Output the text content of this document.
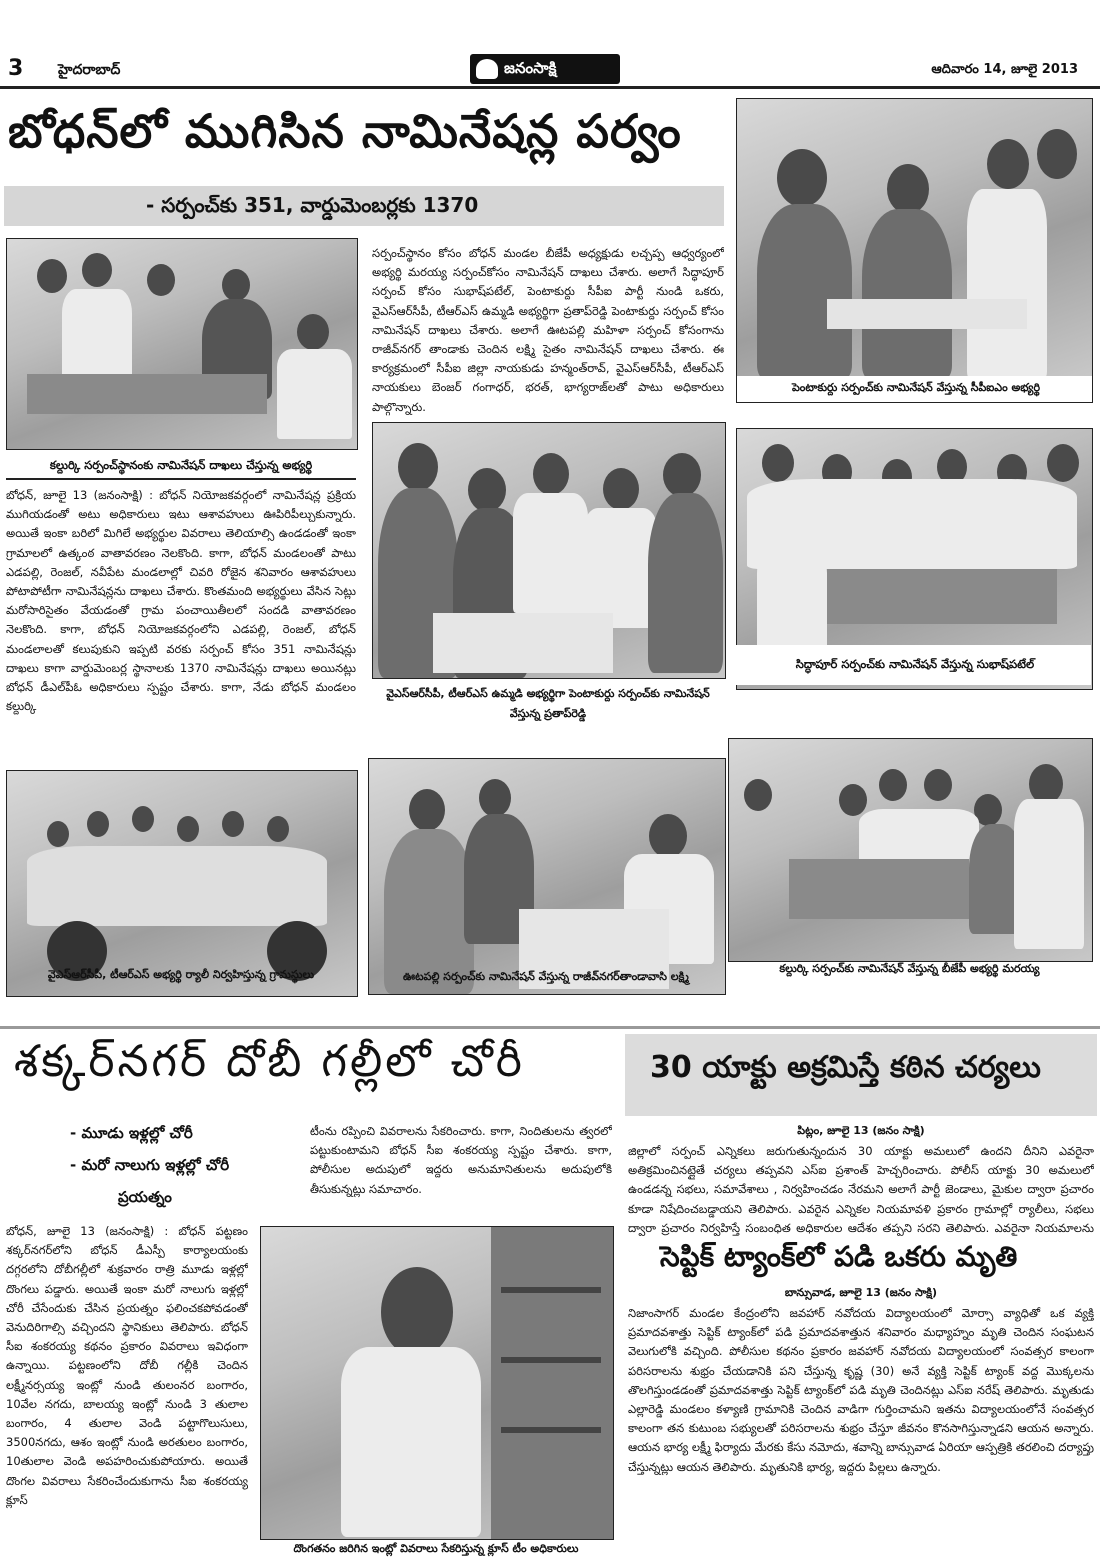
3 హైదరాబాద్	జనంసాక్షి	ఆదివారం 14, జూలై 2013
బోధన్‌లో ముగిసిన నామినేషన్ల పర్వం
- సర్పంచ్‌కు 351, వార్డుమెంబర్లకు 1370
పెంటాకుర్దు సర్పంచ్‌కు నామినేషన్ వేస్తున్న సీపీఐఎం అభ్యర్థి
కల్దుర్కి సర్పంచ్‌స్థానంకు నామినేషన్ దాఖలు చేస్తున్న అభ్యర్థి
సర్పంచ్‌స్థానం కోసం బోధన్ మండల బీజేపీ అధ్యక్షుడు లచ్చప్ప ఆధ్వర్యంలో అభ్యర్థి మరయ్య సర్పంచ్‌కోసం నామినేషన్ దాఖలు చేశారు. అలాగే సిద్ధాపూర్ సర్పంచ్ కోసం సుభాష్‌పటేల్, పెంటాకుర్దు సీపీఐ పార్టీ నుండి ఒకరు, వైఎస్‌ఆర్‌సీపీ, టీఆర్‌ఎస్ ఉమ్మడి అభ్యర్థిగా ప్రతాప్‌రెడ్డి పెంటాకుర్దు సర్పంచ్ కోసం నామినేషన్ దాఖలు చేశారు. అలాగే ఊటపల్లి మహిళా సర్పంచ్ కోసంగాను రాజీవ్‌నగర్ తాండాకు చెందిన లక్ష్మి సైతం నామినేషన్ దాఖలు చేశారు. ఈ కార్యక్రమంలో సీపీఐ జిల్లా నాయకుడు హన్మంత్‌రావ్, వైఎస్‌ఆర్‌సీపీ, టీఆర్‌ఎస్ నాయకులు బెంజర్ గంగాధర్, భరత్, భాగ్యరాజ్‌లతో పాటు అధికారులు పాల్గొన్నారు.
బోధన్, జూలై 13 (జనంసాక్షి) : బోధన్ నియోజకవర్గంలో నామినేషన్ల ప్రక్రియ ముగియడంతో అటు అధికారులు ఇటు ఆశావహులు ఊపిరిపీల్చుకున్నారు. అయితే ఇంకా బరిలో మిగిలే అభ్యర్థుల వివరాలు తెలియాల్సి ఉండడంతో ఇంకా గ్రామాలలో ఉత్కంఠ వాతావరణం నెలకొంది. కాగా, బోధన్ మండలంతో పాటు ఎడపల్లి, రెంజల్, నవీపేట మండలాల్లో చివరి రోజైన శనివారం ఆశావహులు పోటాపోటీగా నామినేషన్లను దాఖలు చేశారు. కొంతమంది అభ్యర్థులు వేసిన సెట్లు మరోసారిసైతం వేయడంతో గ్రామ పంచాయితీలలో సందడి వాతావరణం నెలకొంది. కాగా, బోధన్ నియోజకవర్గంలోని ఎడపల్లి, రెంజల్, బోధన్ మండలాలతో కలుపుకుని ఇప్పటి వరకు సర్పంచ్ కోసం 351 నామినేషన్లు దాఖలు కాగా వార్డుమెంబర్ల స్థానాలకు 1370 నామినేషన్లు దాఖలు అయినట్లు బోధన్ డీఎల్‌పీఓ అధికారులు స్పష్టం చేశారు. కాగా, నేడు బోధన్ మండలం కల్దుర్కి
వైఎస్‌ఆర్‌సీపీ, టీఆర్‌ఎస్ ఉమ్మడి అభ్యర్థిగా పెంటాకుర్దు సర్పంచ్‌కు నామినేషన్
వేస్తున్న ప్రతాప్‌రెడ్డి
సిద్ధాపూర్ సర్పంచ్‌కు నామినేషన్ వేస్తున్న సుభాష్‌పటేల్
వైఎస్‌ఆర్‌సీపీ, టీఆర్‌ఎస్ అభ్యర్థి ర్యాలీ నిర్వహిస్తున్న గ్రామస్థులు	ఊటపల్లి సర్పంచ్‌కు నామినేషన్ వేస్తున్న రాజీవ్‌నగర్‌తాండావాసి లక్ష్మి
కల్దుర్కి సర్పంచ్‌కు నామినేషన్ వేస్తున్న బీజేపీ అభ్యర్థి మరయ్య
శక్కర్‌నగర్ దోబీ గల్లీలో చోరీ
- మూడు ఇళ్లల్లో చోరీ
- మరో నాలుగు ఇళ్లల్లో చోరీ
ప్రయత్నం
టీంను రప్పించి వివరాలను సేకరించారు. కాగా, నిందితులను త్వరలో పట్టుకుంటామని బోధన్ సీఐ శంకరయ్య స్పష్టం చేశారు. కాగా, పోలీసుల అదుపులో ఇద్దరు అనుమానితులను అదుపులోకి తీసుకున్నట్లు సమాచారం.
బోధన్, జూలై 13 (జనంసాక్షి) : బోధన్ పట్టణం శక్కర్‌నగర్‌లోని బోధన్ డీఎస్పీ కార్యాలయంకు దగ్గరలోని దోబీగల్లీలో శుక్రవారం రాత్రి మూడు ఇళ్లల్లో దొంగలు పడ్డారు. అయితే ఇంకా మరో నాలుగు ఇళ్లల్లో చోరీ చేసేందుకు చేసిన ప్రయత్నం ఫలించకపోవడంతో వెనుదిరిగాల్సి వచ్చిందని స్థానికులు తెలిపారు. బోధన్ సీఐ శంకరయ్య కథనం ప్రకారం వివరాలు ఇవిధంగా ఉన్నాయి. పట్టణంలోని దోబీ గల్లీకి చెందిన లక్ష్మీనర్సయ్య ఇంట్లో నుండి తులంనర బంగారం, 10వేల నగదు, బాలయ్య ఇంట్లో నుండి 3 తులాల బంగారం, 4 తులాల వెండి పట్టాగొలుసులు, 3500నగదు, ఆశం ఇంట్లో నుండి అరతులం బంగారం, 10తులాల వెండి అపహరించుకుపోయారు. అయితే దొంగల వివరాలు సేకరించేందుకుగాను సీఐ శంకరయ్య క్లూస్
దొంగతనం జరిగిన ఇంట్లో వివరాలు సేకరిస్తున్న క్లూస్ టీం అధికారులు
30 యాక్టు అక్రమిస్తే కఠిన చర్యలు
పిట్లం, జూలై 13 (జనం సాక్షి)
జిల్లాలో సర్పంచ్ ఎన్నికలు జరుగుతున్నందున 30 యాక్టు అమలులో ఉందని దీనిని ఎవరైనా అతిక్రమించినట్లైతే చర్యలు తప్పవని ఎస్‌ఐ ప్రశాంత్ హెచ్చరించారు. పోలీస్ యాక్టు 30 అమలులో ఉండడన్న సభలు, సమావేశాలు , నిర్వహించడం నేరమని అలాగే పార్టీ జెండాలు, మైకుల ద్వారా ప్రచారం కూడా నిషేదించబడ్డాయని తెలిపారు. ఎవరైన ఎన్నికల నియమావళి ప్రకారం గ్రామాల్లో ర్యాలీలు, సభలు ద్వారా ప్రచారం నిర్వహిస్తే సంబంధిత అధికారుల ఆదేశం తప్పని సరని తెలిపారు. ఎవరైనా నియమాలను
సెప్టిక్ ట్యాంక్‌లో పడి ఒకరు మృతి
బాన్సువాడ, జూలై 13 (జనం సాక్షి)
నిజాంసాగర్ మండల కేంద్రంలోని జవహార్ నవోదయ విద్యాలయంలో మోర్సా వ్యాధితో ఒక వ్యక్తి ప్రమాదవశాత్తు సెప్టిక్ ట్యాంక్‌లో పడి ప్రమాదవశాత్తున శనివారం మధ్యాహ్నం మృతి చెందిన సంఘటన వెలుగులోకి వచ్చింది. పోలీసుల కథనం ప్రకారం జవహార్ నవోదయ విద్యాలయంలో సంవత్సర కాలంగా పరిసరాలను శుభ్రం చేయడానికి పని చేస్తున్న కృష్ణ (30) అనే వ్యక్తి సెప్టిక్ ట్యాంక్ వద్ద మొక్కలను తొలగిస్తుండడంతో ప్రమాదవశాత్తు సెప్టిక్ ట్యాంక్‌లో పడి మృతి చెందినట్లు ఎస్‌ఐ నరేష్ తెలిపారు. మృతుడు ఎల్లారెడ్డి మండలం కళ్యాణి గ్రామానికి చెందిన వాడిగా గుర్తించామని ఇతను విద్యాలయంలోనే సంవత్సర కాలంగా తన కుటుంబ సభ్యులతో పరిసరాలను శుభ్రం చేస్తూ జీవనం కొనసాగిస్తున్నాడని ఆయన అన్నారు. ఆయన భార్య లక్ష్మీ ఫిర్యాదు మేరకు కేసు నమోదు, శవాన్ని బాన్సువాడ ఏరియా ఆస్పత్రికి తరలించి దర్యాప్తు చేస్తున్నట్లు ఆయన తెలిపారు. మృతునికి భార్య, ఇద్దరు పిల్లలు ఉన్నారు.
